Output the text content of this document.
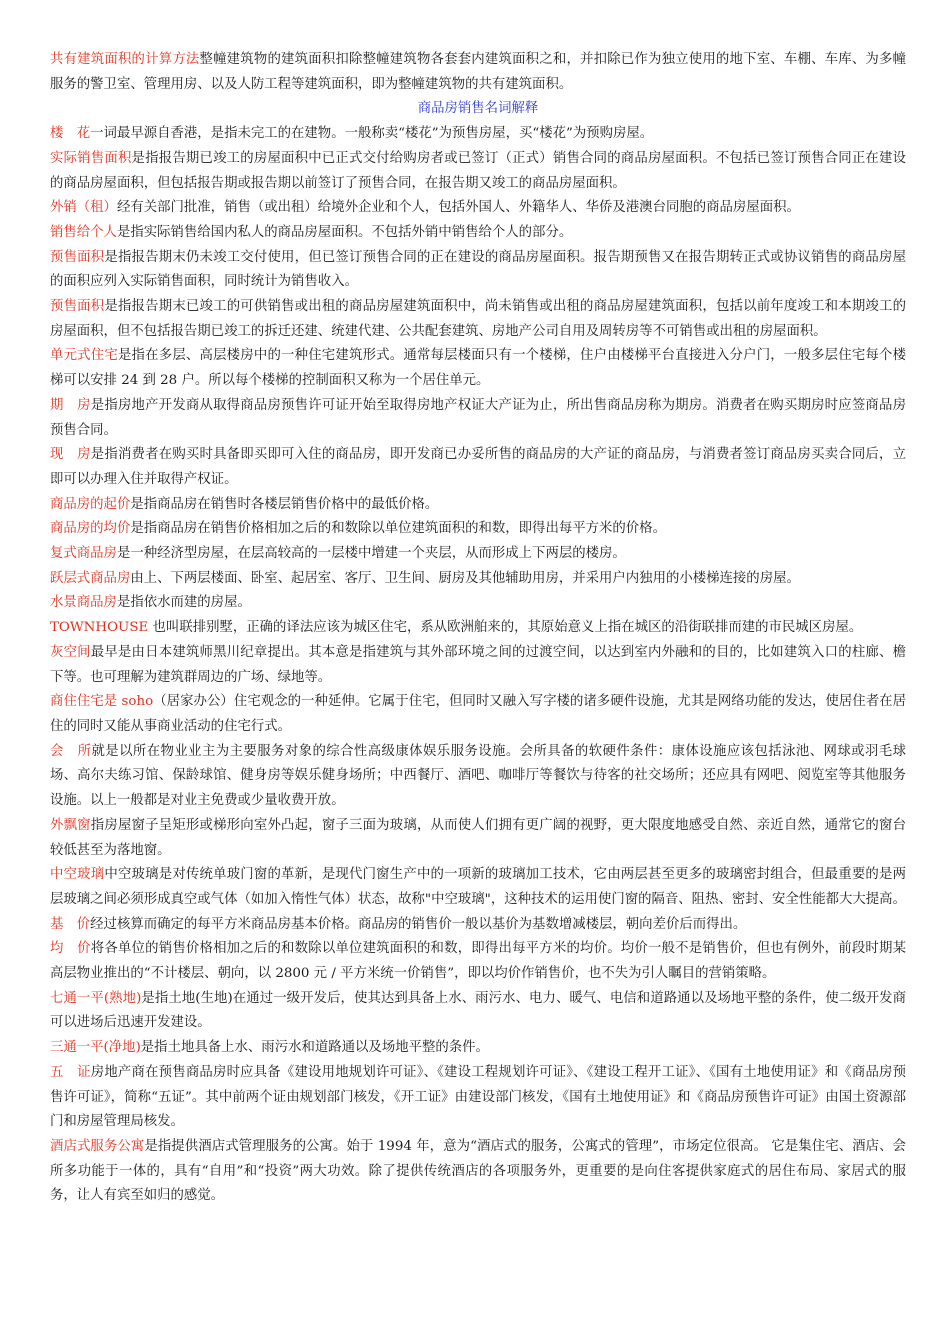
共有建筑面积的计算方法整幢建筑物的建筑面积扣除整幢建筑物各套套内建筑面积之和，并扣除已作为独立使用的地下室、车棚、车库、为多幢服务的警卫室、管理用房、以及人防工程等建筑面积，即为整幢建筑物的共有建筑面积。

商品房销售名词解释

楼　花一词最早源自香港，是指未完工的在建物。一般称卖“楼花”为预售房屋，买“楼花”为预购房屋。

实际销售面积是指报告期已竣工的房屋面积中已正式交付给购房者或已签订（正式）销售合同的商品房屋面积。不包括已签订预售合同正在建设的商品房屋面积，但包括报告期或报告期以前签订了预售合同，在报告期又竣工的商品房屋面积。

外销（租）经有关部门批准，销售（或出租）给境外企业和个人，包括外国人、外籍华人、华侨及港澳台同胞的商品房屋面积。

销售给个人是指实际销售给国内私人的商品房屋面积。不包括外销中销售给个人的部分。

预售面积是指报告期末仍未竣工交付使用，但已签订预售合同的正在建设的商品房屋面积。报告期预售又在报告期转正式或协议销售的商品房屋的面积应列入实际销售面积，同时统计为销售收入。

预售面积是指报告期末已竣工的可供销售或出租的商品房屋建筑面积中，尚未销售或出租的商品房屋建筑面积，包括以前年度竣工和本期竣工的房屋面积，但不包括报告期已竣工的拆迁还建、统建代建、公共配套建筑、房地产公司自用及周转房等不可销售或出租的房屋面积。

单元式住宅是指在多层、高层楼房中的一种住宅建筑形式。通常每层楼面只有一个楼梯，住户由楼梯平台直接进入分户门，一般多层住宅每个楼梯可以安排 24 到 28 户。所以每个楼梯的控制面积又称为一个居住单元。

期　房是指房地产开发商从取得商品房预售许可证开始至取得房地产权证大产证为止，所出售商品房称为期房。消费者在购买期房时应签商品房预售合同。

现　房是指消费者在购买时具备即买即可入住的商品房，即开发商已办妥所售的商品房的大产证的商品房，与消费者签订商品房买卖合同后，立即可以办理入住并取得产权证。

商品房的起价是指商品房在销售时各楼层销售价格中的最低价格。

商品房的均价是指商品房在销售价格相加之后的和数除以单位建筑面积的和数，即得出每平方米的价格。

复式商品房是一种经济型房屋，在层高较高的一层楼中增建一个夹层，从而形成上下两层的楼房。

跃层式商品房由上、下两层楼面、卧室、起居室、客厅、卫生间、厨房及其他辅助用房，并采用户内独用的小楼梯连接的房屋。

水景商品房是指依水而建的房屋。

TOWNHOUSE 也叫联排别墅，正确的译法应该为城区住宅，系从欧洲舶来的，其原始意义上指在城区的沿街联排而建的市民城区房屋。

灰空间最早是由日本建筑师黑川纪章提出。其本意是指建筑与其外部环境之间的过渡空间，以达到室内外融和的目的，比如建筑入口的柱廊、檐下等。也可理解为建筑群周边的广场、绿地等。

商住住宅是 soho（居家办公）住宅观念的一种延伸。它属于住宅，但同时又融入写字楼的诸多硬件设施，尤其是网络功能的发达，使居住者在居住的同时又能从事商业活动的住宅行式。

会　所就是以所在物业业主为主要服务对象的综合性高级康体娱乐服务设施。会所具备的软硬件条件：康体设施应该包括泳池、网球或羽毛球场、高尔夫练习馆、保龄球馆、健身房等娱乐健身场所；中西餐厅、酒吧、咖啡厅等餐饮与待客的社交场所；还应具有网吧、阅览室等其他服务设施。以上一般都是对业主免费或少量收费开放。

外飘窗指房屋窗子呈矩形或梯形向室外凸起，窗子三面为玻璃，从而使人们拥有更广阔的视野，更大限度地感受自然、亲近自然，通常它的窗台较低甚至为落地窗。

中空玻璃中空玻璃是对传统单玻门窗的革新，是现代门窗生产中的一项新的玻璃加工技术，它由两层甚至更多的玻璃密封组合，但最重要的是两层玻璃之间必须形成真空或气体（如加入惰性气体）状态，故称"中空玻璃"，这种技术的运用使门窗的隔音、阻热、密封、安全性能都大大提高。

基　价经过核算而确定的每平方米商品房基本价格。商品房的销售价一般以基价为基数增减楼层，朝向差价后而得出。

均　价将各单位的销售价格相加之后的和数除以单位建筑面积的和数，即得出每平方米的均价。均价一般不是销售价，但也有例外，前段时期某高层物业推出的“不计楼层、朝向，以 2800 元 / 平方米统一价销售”，即以均价作销售价，也不失为引人瞩目的营销策略。

七通一平(熟地)是指土地(生地)在通过一级开发后，使其达到具备上水、雨污水、电力、暖气、电信和道路通以及场地平整的条件，使二级开发商可以进场后迅速开发建设。

三通一平(净地)是指土地具备上水、雨污水和道路通以及场地平整的条件。

五　证房地产商在预售商品房时应具备《建设用地规划许可证》、《建设工程规划许可证》、《建设工程开工证》、《国有土地使用证》和《商品房预售许可证》，简称“五证”。其中前两个证由规划部门核发，《开工证》由建设部门核发，《国有土地使用证》和《商品房预售许可证》由国土资源部门和房屋管理局核发。

酒店式服务公寓是指提供酒店式管理服务的公寓。始于 1994 年，意为“酒店式的服务，公寓式的管理”，市场定位很高。 它是集住宅、酒店、会所多功能于一体的，具有“自用”和“投资”两大功效。除了提供传统酒店的各项服务外，更重要的是向住客提供家庭式的居住布局、家居式的服务，让人有宾至如归的感觉。
